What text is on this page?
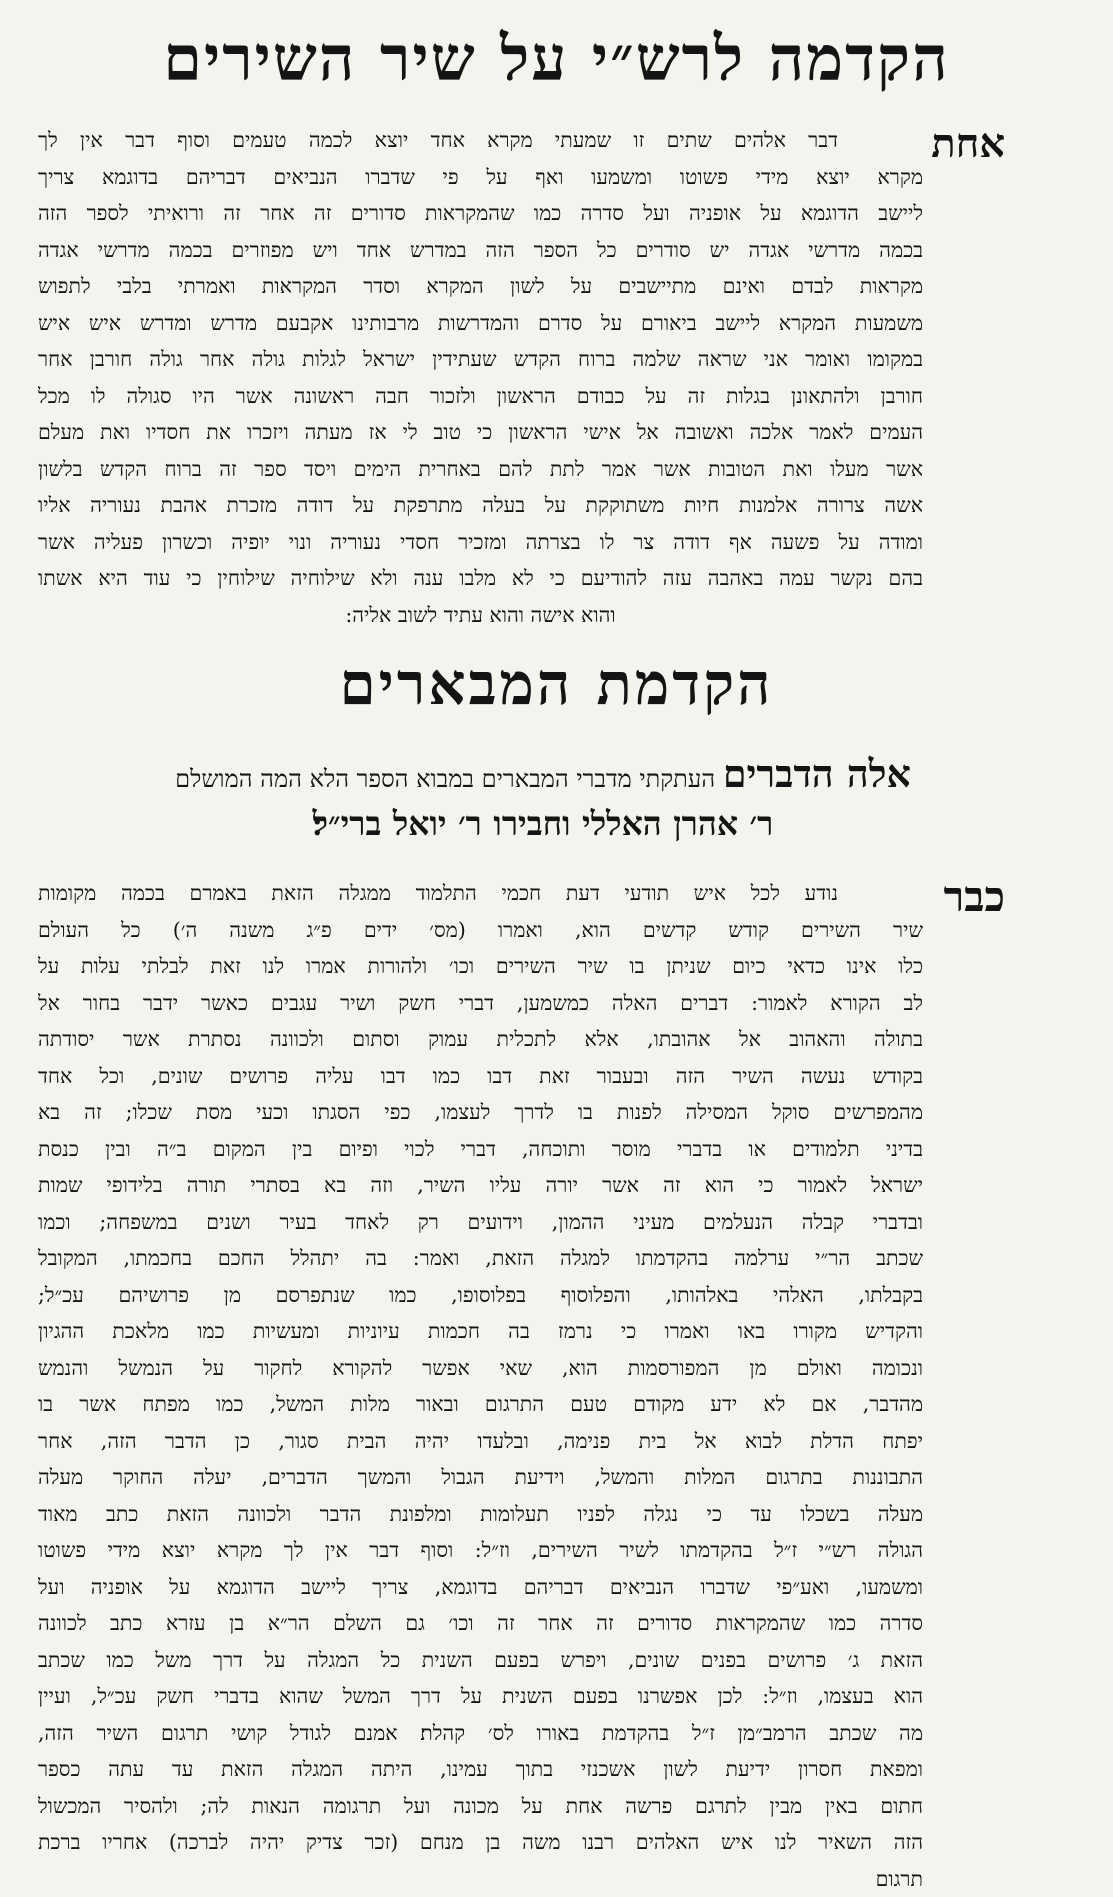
הקדמה לרש״י על שיר השירים
אחת
דבר אלהים שתים זו שמעתי מקרא אחד יוצא לכמה טעמים וסוף דבר אין לך
מקרא יוצא מידי פשוטו ומשמעו ואף על פי שדברו הנביאים דבריהם בדוגמא צריך
ליישב הדוגמא על אופניה ועל סדרה כמו שהמקראות סדורים זה אחר זה ורואיתי לספר הזה
בכמה מדרשי אגדה יש סודרים כל הספר הזה במדרש אחד ויש מפוזרים בכמה מדרשי אגדה
מקראות לבדם ואינם מתיישבים על לשון המקרא וסדר המקראות ואמרתי בלבי לתפוש
משמעות המקרא ליישב ביאורם על סדרם והמדרשות מרבותינו אקבעם מדרש ומדרש איש איש
במקומו ואומר אני שראה שלמה ברוח הקדש שעתידין ישראל לגלות גולה אחר גולה חורבן אחר
חורבן ולהתאונן בגלות זה על כבודם הראשון ולזכור חבה ראשונה אשר היו סגולה לו מכל
העמים לאמר אלכה ואשובה אל אישי הראשון כי טוב לי אז מעתה ויזכרו את חסדיו ואת מעלם
אשר מעלו ואת הטובות אשר אמר לתת להם באחרית הימים ויסד ספר זה ברוח הקדש בלשון
אשה צרורה אלמנות חיות משתוקקת על בעלה מתרפקת על דודה מזכרת אהבת נעוריה אליו
ומודה על פשעה אף דודה צר לו בצרתה ומזכיר חסדי נעוריה ונוי יופיה וכשרון פעליה אשר
בהם נקשר עמה באהבה עזה להודיעם כי לא מלבו ענה ולא שילוחיה שילוחין כי עוד היא אשתו
והוא אישה והוא עתיד לשוב אליה:
הקדמת המבארים
אלה הדברים העתקתי מדברי המבארים במבוא הספר הלא המה המושלם
ר׳ אהרן האללי וחבירו ר׳ יואל ברי״ל׃
כבר
נודע לכל איש תודעי דעת חכמי התלמוד ממגלה הזאת באמרם בכמה מקומות
שיר השירים קודש קדשים הוא, ואמרו (מס׳ ידים פ״ג משנה ה׳) כל העולם
כלו אינו כדאי כיום שניתן בו שיר השירים וכו׳ ולהורות אמרו לנו זאת לבלתי עלות על
לב הקורא לאמור: דברים האלה כמשמען, דברי חשק ושיר עגבים כאשר ידבר בחור אל
בתולה והאהוב אל אהובתו, אלא לתכלית עמוק וסתום ולכוונה נסתרת אשר יסודתה
בקודש נעשה השיר הזה ובעבור זאת דבו כמו דבו עליה פרושים שונים, וכל אחד
מהמפרשים סוקל המסילה לפנות בו לדרך לעצמו, כפי הסגתו וכעי מסת שכלו; זה בא
בדיני תלמודים או בדברי מוסר ותוכחה, דברי לכוי ופיום בין המקום ב״ה ובין כנסת
ישראל לאמור כי הוא זה אשר יורה עליו השיר, וזה בא בסתרי תורה בלידופי שמות
ובדברי קבלה הנעלמים מעיני ההמון, וידועים רק לאחד בעיר ושנים במשפחה; וכמו
שכתב הר״י ערלמה בהקדמתו למגלה הזאת, ואמר: בה יתהלל החכם בחכמתו, המקובל
בקבלתו, האלהי באלהותו, והפלוסוף בפלוסופו, כמו שנתפרסם מן פרושיהם עכ״ל;
והקדיש מקורו באו ואמרו כי נרמז בה חכמות עיוניות ומעשיות כמו מלאכת ההגיון
ונכומה ואולם מן המפורסמות הוא, שאי אפשר להקורא לחקור על הנמשל והנמש
מהדבר, אם לא ידע מקודם טעם התרגום ובאור מלות המשל, כמו מפתח אשר בו
יפתח הדלת לבוא אל בית פנימה, ובלעדו יהיה הבית סגור, כן הדבר הזה, אחר
התבוננות בתרגום המלות והמשל, וידיעת הגבול והמשך הדברים, יעלה החוקר מעלה
מעלה בשכלו עד כי נגלה לפניו תעלומות ומלפונת הדבר ולכוונה הזאת כתב מאוד
הגולה רש״י ז״ל בהקדמתו לשיר השירים, וז״ל: וסוף דבר אין לך מקרא יוצא מידי פשוטו
ומשמעו, ואע״פי שדברו הנביאים דבריהם בדוגמא, צריך ליישב הדוגמא על אופניה ועל
סדרה כמו שהמקראות סדורים זה אחר זה וכו׳ גם השלם הר״א בן עזרא כתב לכוונה
הזאת ג׳ פרושים בפנים שונים, ויפרש בפעם השנית כל המגלה על דרך משל כמו שכתב
הוא בעצמו, וז״ל: לכן אפשרנו בפעם השנית על דרך המשל שהוא בדברי חשק עכ״ל, ועיין
מה שכתב הרמב״מן ז״ל בהקדמת באורו לס׳ קהלת׃ אמנם לגודל קושי תרגום השיר הזה,
ומפאת חסרון ידיעת לשון אשכנזי בתוך עמינו, היתה המגלה הזאת עד עתה כספר
חתום באין מבין לתרגם פרשה אחת על מכונה ועל תרגומה הנאות לה; ולהסיר המכשול
הזה השאיר לנו איש האלהים רבנו משה בן מנחם (זכר צדיק יהיה לברכה) אחריו ברכת
תרגום
